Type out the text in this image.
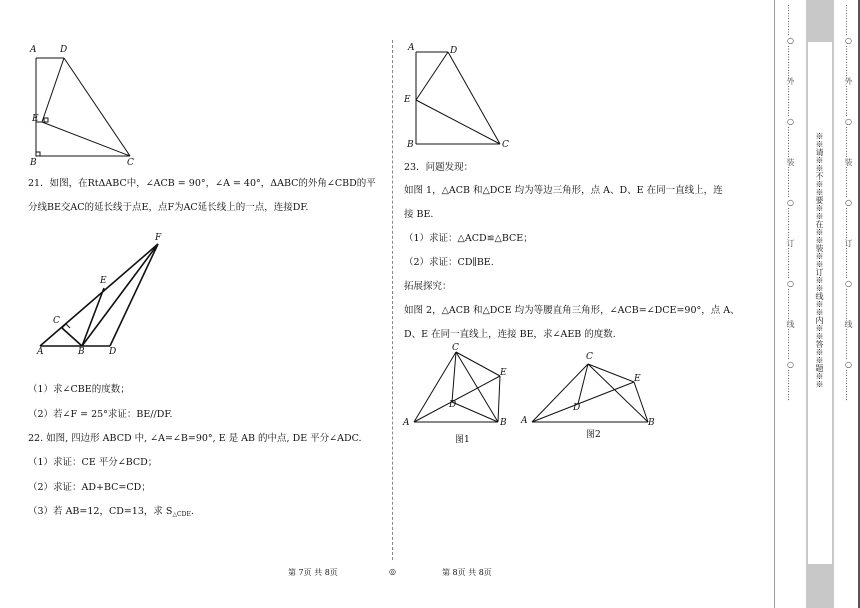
A	D
E
B	C
21．如图，在RtΔABC中，∠ACB = 90°，∠A = 40°，ΔABC的外角∠CBD的平
分线BE交AC的延长线于点E，点F为AC延长线上的一点，连接DF.
F
E
C
A	B	D
（1）求∠CBE的度数；
（2）若∠F = 25°求证：BE//DF.
22. 如图, 四边形 ABCD 中, ∠A=∠B=90°, E 是 AB 的中点, DE 平分∠ADC.
（1）求证：CE 平分∠BCD；
（2）求证：AD+BC=CD；
（3）若 AB=12，CD=13，求 $S_{\triangle CDE}$.
A	D
E
B	C
23．问题发现：
如图 1，△ACB 和△DCE 均为等边三角形，点 A、D、E 在同一直线上，连
接 BE.
（1）求证：△ACD≌△BCE；
（2）求证：CD∥BE.
拓展探究：
如图 2，△ACB 和△DCE 均为等腰直角三角形，∠ACB=∠DCE=90°，点 A、
D、E 在同一直线上，连接 BE，求∠AEB 的度数.
C
E
D
A	B
图1
C
E
D
A	B
图2
第 7页 共 8页	◎	第 8页 共 8页
…………○…………外…………○…………装…………○…………订…………○…………线…………○…………	※※请※※不※※要※※在※※装※※订※※线※※内※※答※※题※※
…………○…………外…………○…………装…………○…………订…………○…………线…………○…………
